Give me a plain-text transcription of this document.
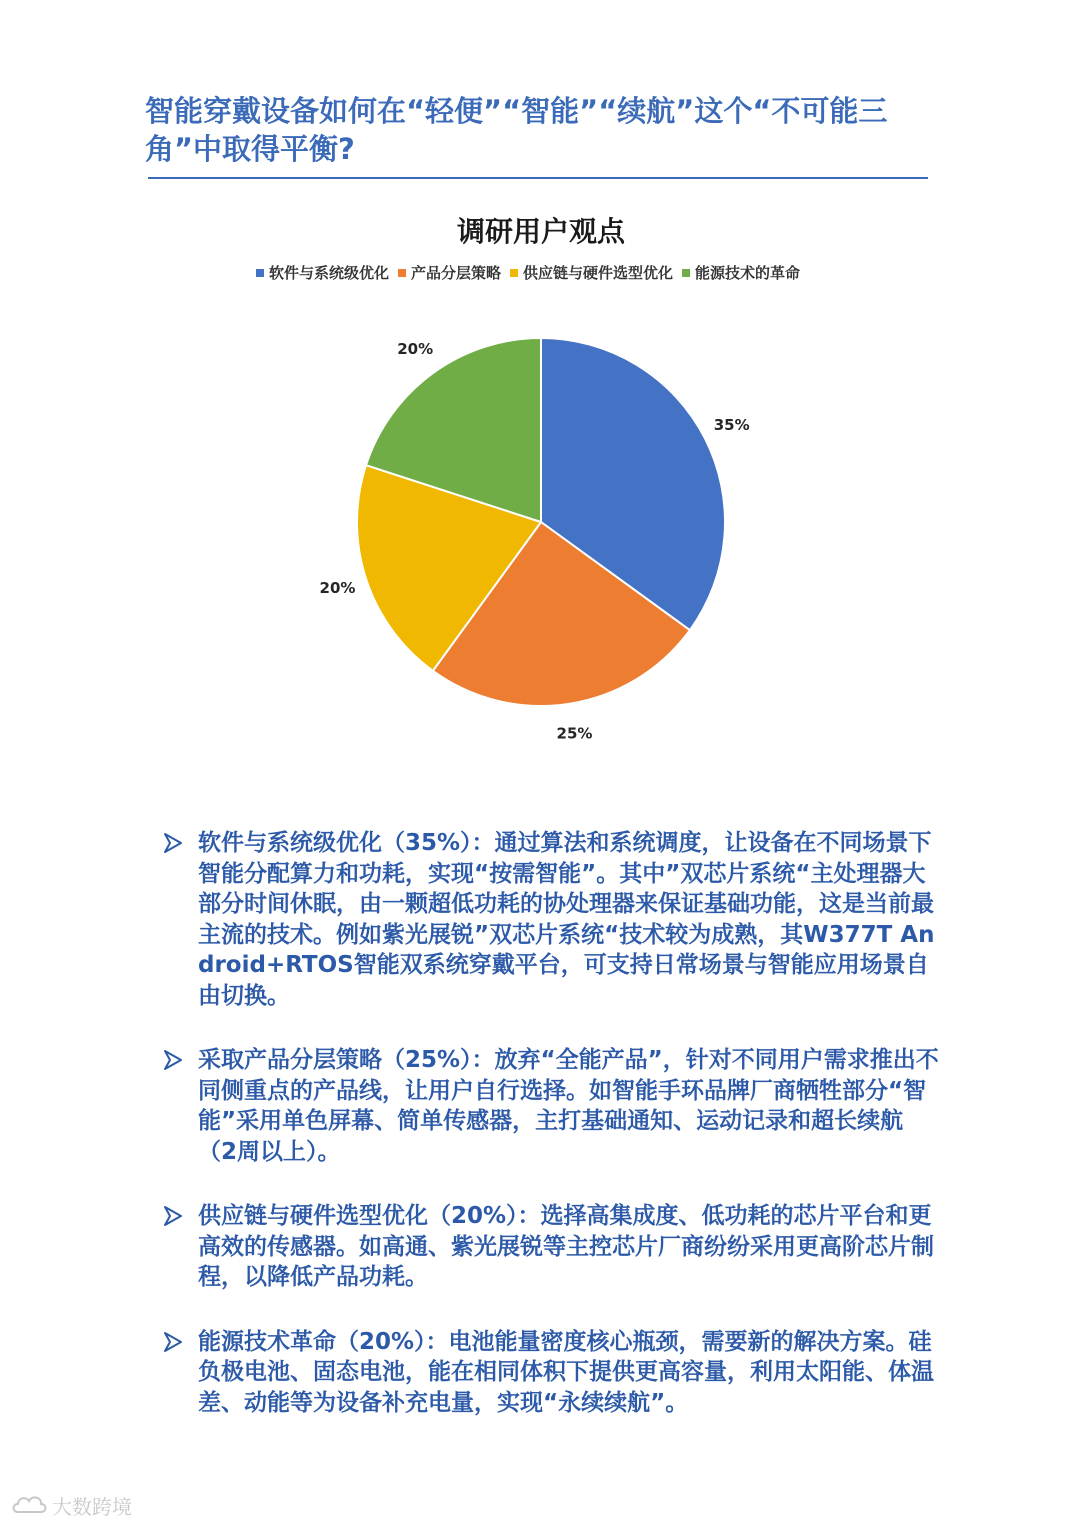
智能穿戴设备如何在“轻便”“智能”“续航”这个“不可能三角”中取得平衡?
调研用户观点
软件与系统级优化 产品分层策略 供应链与硬件选型优化 能源技术的革命
35%
25%
20%
20%

软件与系统级优化（35%）：通过算法和系统调度，让设备在不同场景下智能分配算力和功耗，实现“按需智能”。其中”双芯片系统“主处理器大部分时间休眠，由一颗超低功耗的协处理器来保证基础功能，这是当前最主流的技术。例如紫光展锐”双芯片系统“技术较为成熟，其W377T Android+RTOS智能双系统穿戴平台，可支持日常场景与智能应用场景自由切换。

采取产品分层策略（25%）：放弃“全能产品”，针对不同用户需求推出不同侧重点的产品线，让用户自行选择。如智能手环品牌厂商牺牲部分“智能”采用单色屏幕、简单传感器，主打基础通知、运动记录和超长续航（2周以上）。

供应链与硬件选型优化（20%）：选择高集成度、低功耗的芯片平台和更高效的传感器。如高通、紫光展锐等主控芯片厂商纷纷采用更高阶芯片制程，以降低产品功耗。

能源技术革命（20%）：电池能量密度核心瓶颈，需要新的解决方案。硅负极电池、固态电池，能在相同体积下提供更高容量，利用太阳能、体温差、动能等为设备补充电量，实现“永续续航”。

大数跨境
